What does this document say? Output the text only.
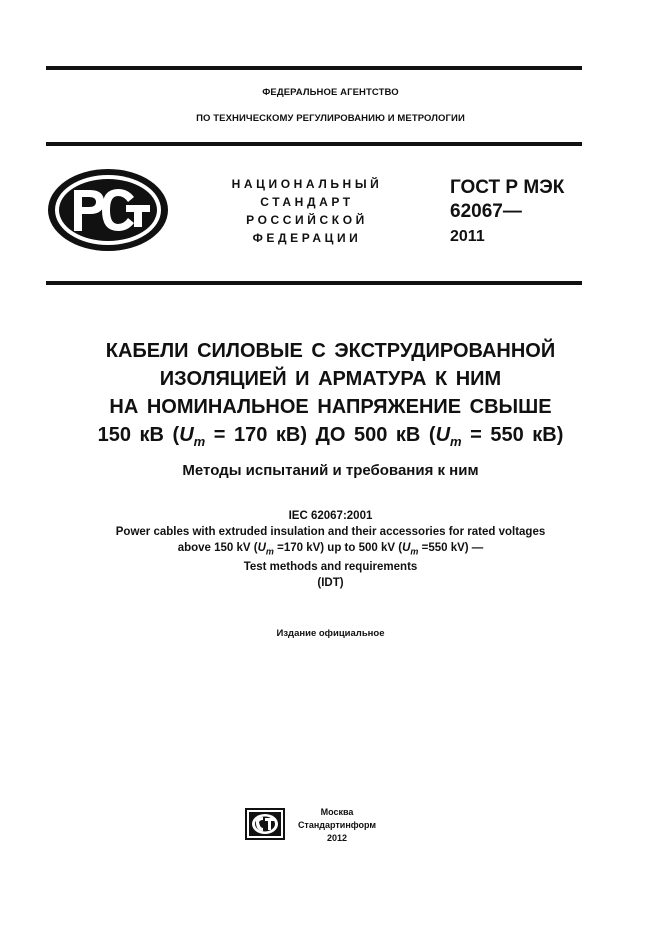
ФЕДЕРАЛЬНОЕ АГЕНТСТВО
ПО ТЕХНИЧЕСКОМУ РЕГУЛИРОВАНИЮ И МЕТРОЛОГИИ
НАЦИОНАЛЬНЫЙ
СТАНДАРТ
РОССИЙСКОЙ
ФЕДЕРАЦИИ
ГОСТ Р МЭК
62067—
2011
КАБЕЛИ СИЛОВЫЕ С ЭКСТРУДИРОВАННОЙ
ИЗОЛЯЦИЕЙ И АРМАТУРА К НИМ
НА НОМИНАЛЬНОЕ НАПРЯЖЕНИЕ СВЫШЕ
150 кВ ($U_m = 170$ кВ) ДО 500 кВ ($U_m = 550$ кВ)
Методы испытаний и требования к ним
IEC 62067:2001
Power cables with extruded insulation and their accessories for rated voltages
above 150 kV ($U_m =170$ kV) up to 500 kV ($U_m =550$ kV) —
Test methods and requirements
(IDT)
Издание официальное
Москва
Стандартинформ
2012
